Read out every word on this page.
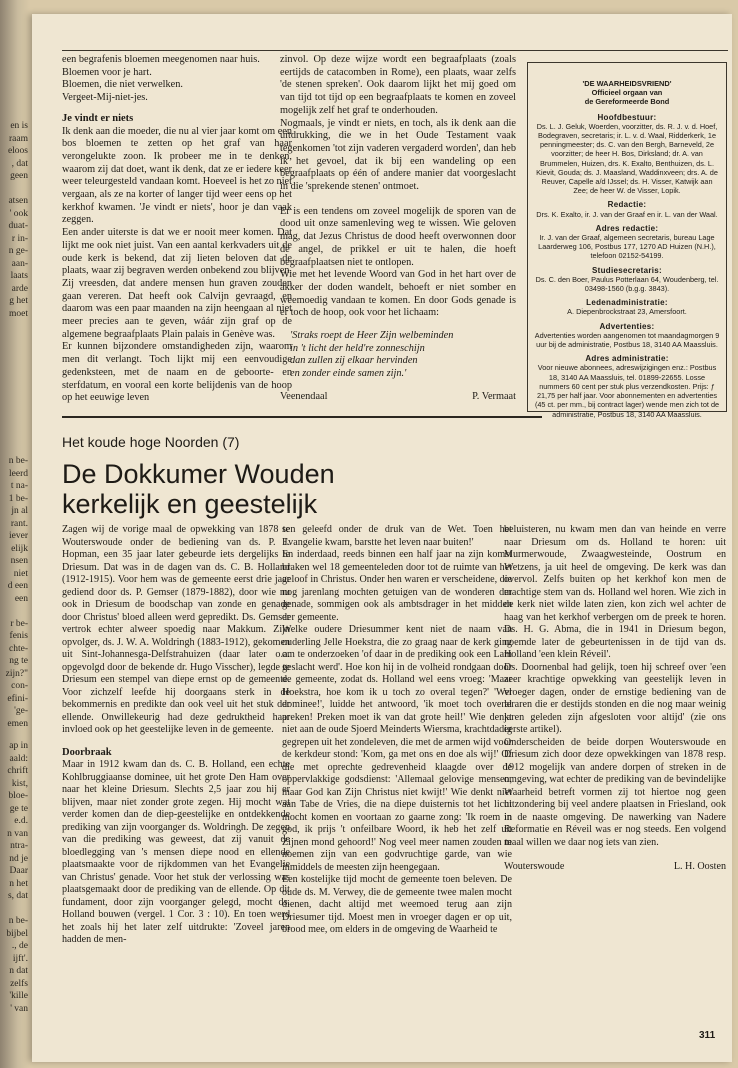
en is
raam
eloos
, dat
geen

atsen
' ook
duat-
r in-
n ge-
aan-
laats
arde
g het
moet
n be-
leerd
t na-
1 be-
jn al
rant.
iever
elijk
nsen
niet
d een
een

r be-
fenis
chte-
ng te
zijn?"
con-
efini-
'ge-
emen
ap in
aald:
chrift
kist,
bloe-
ge te
e.d.
n van
ntra-
nd je
Daar
n het
s, dat

n be-
bijbel
., de
ijft'.
n dat
zelfs
'kille
' van

een begrafenis bloemen meegenomen naar huis.

Bloemen voor je hart.

Bloemen, die niet verwelken.

Vergeet-Mij-niet-jes.

Je vindt er niets

Ik denk aan die moeder, die nu al vier jaar komt om een bos bloemen te zetten op het graf van haar verongelukte zoon. Ik probeer me in te denken, waarom zij dat doet, want ik denk, dat ze er iedere keer weer teleurgesteld vandaan komt. Hoeveel is het zo niet vergaan, als ze na korter of langer tijd weer eens op het kerkhof kwamen. 'Je vindt er niets', hoor je dan vaak zeggen.

Een ander uiterste is dat we er nooit meer komen. Dat lijkt me ook niet juist. Van een aantal kerkvaders uit de oude kerk is bekend, dat zij lieten beloven dat de plaats, waar zij begraven werden onbekend zou blijven. Zij vreesden, dat andere mensen hun graven zouden gaan vereren. Dat heeft ook Calvijn gevraagd, en daarom was een paar maanden na zijn heengaan al niet meer precies aan te geven, wáár zijn graf op de algemene begraafplaats Plain palais in Genève was.

Er kunnen bijzondere omstandigheden zijn, waarom men dit verlangt. Toch lijkt mij een eenvoudige gedenksteen, met de naam en de geboorte- en sterfdatum, en vooral een korte belijdenis van de hoop op het eeuwige leven

zinvol. Op deze wijze wordt een begraafplaats (zoals eertijds de catacomben in Rome), een plaats, waar zelfs 'de stenen spreken'. Ook daarom lijkt het mij goed om van tijd tot tijd op een begraafplaats te komen en zoveel mogelijk zelf het graf te onderhouden.

Nogmaals, je vindt er niets, en toch, als ik denk aan die uitdrukking, die we in het Oude Testament vaak tegenkomen 'tot zijn vaderen vergaderd worden', dan heb ik het gevoel, dat ik bij een wandeling op een begraafplaats op één of andere manier dat voorgeslacht in die 'sprekende stenen' ontmoet.

Er is een tendens om zoveel mogelijk de sporen van de dood uit onze samenleving weg te wissen. Wie geloven mag, dat Jezus Christus de dood heeft overwonnen door de angel, de prikkel er uit te halen, die hoeft begraafplaatsen niet te ontlopen.

Wie met het levende Woord van God in het hart over de akker der doden wandelt, behoeft er niet somber en weemoedig vandaan te komen. En door Gods genade is er toch de hoop, ook voor het lichaam:

'Straks roept de Heer Zijn welbeminden
in 't licht der held're zonneschijn
dan zullen zij elkaar hervinden
en zonder einde samen zijn.'

Veenendaal	P. Vermaat
'DE WAARHEIDSVRIEND'
Officieel orgaan van
de Gereformeerde Bond
Hoofdbestuur:

Ds. L. J. Geluk, Woerden, voorzitter, ds. R. J. v. d. Hoef, Bodegraven, secretaris; ir. L. v. d. Waal, Ridderkerk, 1e penningmeester; ds. C. van den Bergh, Barneveld, 2e voorzitter; de heer H. Bos, Dirksland; dr. A. van Brummelen, Huizen, drs. K. Exalto, Benthuizen, ds. L. Kievit, Gouda; ds. J. Maasland, Waddinxveen; drs. A. de Reuver, Capelle a/d IJssel; ds. H. Visser, Katwijk aan Zee; de heer W. de Visser, Lopik.

Redactie:

Drs. K. Exalto, ir. J. van der Graaf en ir. L. van der Waal.

Adres redactie:

Ir. J. van der Graaf, algemeen secretaris, bureau Lage Laarderweg 106, Postbus 177, 1270 AD Huizen (N.H.), telefoon 02152-54199.

Studiesecretaris:

Ds. C. den Boer, Paulus Potterlaan 64, Woudenberg, tel. 03498-1560 (b.g.g. 3843).

Ledenadministratie:

A. Diepenbrockstraat 23, Amersfoort.

Advertenties:

Advertenties worden aangenomen tot maandagmorgen 9 uur bij de administratie, Postbus 18, 3140 AA Maassluis.

Adres administratie:

Voor nieuwe abonnees, adreswijzigingen enz.: Postbus 18, 3140 AA Maassluis, tel. 01899-22655. Losse nummers 60 cent per stuk plus verzendkosten. Prijs: ƒ 21,75 per half jaar. Voor abonnementen en advertenties (45 ct. per mm., bij contract lager) wende men zich tot de administratie, Postbus 18, 3140 AA Maassluis.

Het koude hoge Noorden (7)
De Dokkumer Wouden
kerkelijk en geestelijk

Zagen wij de vorige maal de opwekking van 1878 te Wouterswoude onder de bediening van ds. P. J. Hopman, een 35 jaar later gebeurde iets dergelijks te Driesum. Dat was in de dagen van ds. C. B. Holland (1912-1915). Voor hem was de gemeente eerst drie jaar gediend door ds. P. Gemser (1879-1882), door wie nu ook in Driesum de boodschap van zonde en genade door Christus' bloed alleen werd gepredikt. Ds. Gemser vertrok echter alweer spoedig naar Makkum. Zijn opvolger, ds. J. W. A. Woldringh (1883-1912), gekomen uit Sint-Johannesga-Delfstrahuizen (daar later o.a. opgevolgd door de bekende dr. Hugo Visscher), legde te Driesum een stempel van diepe ernst op de gemeente. Voor zichzelf leefde hij doorgaans sterk in de bekommernis en predikte dan ook veel uit het stuk der ellende. Onwillekeurig had deze gedruktheid haar invloed ook op het geestelijke leven in de gemeente.

Doorbraak

Maar in 1912 kwam dan ds. C. B. Holland, een echte Kohlbruggiaanse dominee, uit het grote Den Ham over naar het kleine Driesum. Slechts 2,5 jaar zou hij er blijven, maar niet zonder grote zegen. Hij mocht wat verder komen dan de diep-geestelijke en ontdekkende prediking van zijn voorganger ds. Woldringh. De zegen van die prediking was geweest, dat zij vanuit de bloedlegging van 's mensen diepe nood en ellende plaatsmaakte voor de rijkdommen van het Evangelie van Christus' genade. Voor het stuk der verlossing was plaatsgemaakt door de prediking van de ellende. Op dit fundament, door zijn voorganger gelegd, mocht ds. Holland bouwen (vergel. 1 Cor. 3 : 10). En toen werd het zoals hij het later zelf uitdrukte: 'Zoveel jaren hadden de men-

sen geleefd onder de druk van de Wet. Toen het Evangelie kwam, barstte het leven naar buiten!'

En inderdaad, reeds binnen een half jaar na zijn komst braken wel 18 gemeenteleden door tot de ruimte van het geloof in Christus. Onder hen waren er verscheidene, die nog jarenlang mochten getuigen van de wonderen der genade, sommigen ook als ambtsdrager in het midden der gemeente.

Welke oudere Driesummer kent niet de naam van ouderling Jelle Hoekstra, die zo graag naar de kerk ging om te onderzoeken 'of daar in de prediking ook een Lam geslacht werd'. Hoe kon hij in de volheid rondgaan door de gemeente, zodat ds. Holland wel eens vroeg: 'Maar Hoekstra, hoe kom ik u toch zo overal tegen?' 'Wel dominee!', luidde het antwoord, 'ik moet toch overal preken! Preken moet ik van dat grote heil!' Wie denkt niet aan de oude Sjoerd Meinderts Wiersma, krachtdadig gegrepen uit het zondeleven, die met de armen wijd voor de kerkdeur stond: 'Kom, ga met ons en doe als wij!' Of die met oprechte gedrevenheid klaagde over de oppervlakkige godsdienst: 'Allemaal gelovige mensen, maar God kan Zijn Christus niet kwijt!' Wie denkt niet aan Tabe de Vries, die na diepe duisternis tot het licht mocht komen en voortaan zo gaarne zong: 'Ik roem in god, ik prijs 't onfeilbare Woord, ik heb het zelf uit Zijnen mond gehoord!' Nog veel meer namen zouden te noemen zijn van een godvruchtige garde, van wie inmiddels de meesten zijn heengegaan.

Een kostelijke tijd mocht de gemeente toen beleven. De oude ds. M. Verwey, die de gemeente twee malen mocht dienen, dacht altijd met weemoed terug aan zijn Driesumer tijd. Moest men in vroeger dagen er op uit, brood mee, om elders in de omgeving de Waarheid te

beluisteren, nu kwam men dan van heinde en verre naar Driesum om ds. Holland te horen: uit Murmerwoude, Zwaagwesteinde, Oostrum en Wetzens, ja uit heel de omgeving. De kerk was dan overvol. Zelfs buiten op het kerkhof kon men de machtige stem van ds. Holland wel horen. Wie zich in de kerk niet wilde laten zien, kon zich wel achter de haag van het kerkhof verbergen om de preek te horen. Ds. H. G. Abma, die in 1941 in Driesum begon, noemde later de gebeurtenissen in de tijd van ds. Holland 'een klein Réveil'.

Ds. Doornenbal had gelijk, toen hij schreef over 'een zeer krachtige opwekking van geestelijk leven in vroeger dagen, onder de ernstige bediening van de leraren die er destijds stonden en die nog maar weinig jaren geleden zijn afgesloten voor altijd' (zie ons eerste artikel).

Onderscheiden de beide dorpen Wouterswoude en Driesum zich door deze opwekkingen van 1878 resp. 1912 mogelijk van andere dorpen of streken in de omgeving, wat echter de prediking van de bevindelijke Waarheid betreft vormen zij tot hiertoe nog geen uitzondering bij veel andere plaatsen in Friesland, ook in de naaste omgeving. De nawerking van Nadere Reformatie en Réveil was er nog steeds. Een volgend maal willen we daar nog iets van zien.

Wouterswoude	L. H. Oosten
311
